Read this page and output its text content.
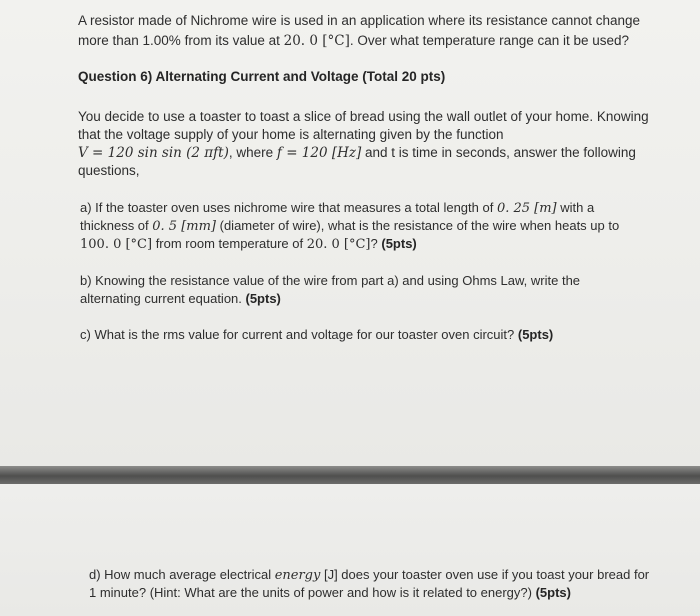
A resistor made of Nichrome wire is used in an application where its resistance cannot change
more than 1.00% from its value at 20. 0 [°C]. Over what temperature range can it be used?
Question 6) Alternating Current and Voltage (Total 20 pts)
You decide to use a toaster to toast a slice of bread using the wall outlet of your home. Knowing
that the voltage supply of your home is alternating given by the function
V = 120 sin sin (2 πft), where f = 120 [Hz] and t is time in seconds, answer the following
questions,
a) If the toaster oven uses nichrome wire that measures a total length of 0. 25 [m] with a
thickness of 0. 5 [mm] (diameter of wire), what is the resistance of the wire when heats up to
100. 0 [°C] from room temperature of 20. 0 [°C]? (5pts)
b) Knowing the resistance value of the wire from part a) and using Ohms Law, write the
alternating current equation. (5pts)
c) What is the rms value for current and voltage for our toaster oven circuit? (5pts)
d) How much average electrical energy [J] does your toaster oven use if you toast your bread for
1 minute? (Hint: What are the units of power and how is it related to energy?) (5pts)
